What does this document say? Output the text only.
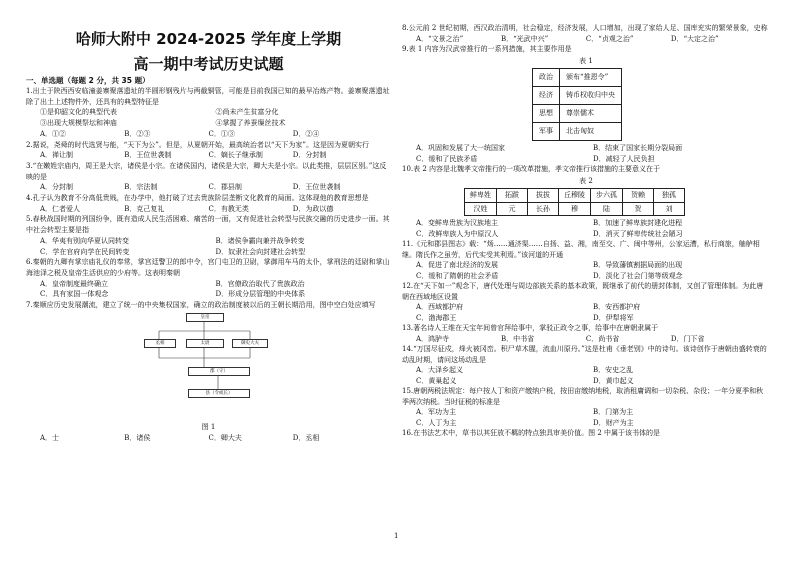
哈师大附中 2024-2025 学年度上学期
高一期中考试历史试题
一、单选题（每题 2 分，共 35 题）

1.出土于陕西西安临潼姜寨聚落遗址的半圆形钢残片与两截铜管，可能是目前我国已知的最早冶炼产物。姜寨聚落遗址除了出土上述物件外，还具有的典型特征是

①是仰韶文化的典型代表	②尚未产生贫富分化
③出现大规模祭坛和神庙	④掌握了养蚕缫丝技术
A．①②	B．②③	C．①③	D．②④

2.据说，尧舜的时代选贤与能，“天下为公”。但是，从夏朝开始，最高统治者以“天下为家”。这是因为夏朝实行

A．禅让制	B．王位世袭制	C．嫡长子继承制	D．分封制

3.“在嫩姓宗庙内，周王是大宗，诸侯是小宗。在诸侯国内，诸侯是大宗，卿大夫是小宗。以此类推，层层区别。”这反映的是

A．分封制	B．宗法制	C．郡县制	D．王位世袭制

4.孔子认为教育不分高低贵贱，在办学中，他打破了过去贵族阶层垄断文化教育的局面。这体现他的教育思想是

A．仁者爱人	B．克己复礼	C．有教无类	D．为政以德

5.春秋战国时期的列国纷争，既有造成人民生活困难、痛苦的一面，又有促进社会转型与民族交融的历史进步一面。其中社会转型主要是指

A．华夷有别向华夏认同转变	B．诸侯争霸向兼并战争转变
C．学在官府向学在民间转变	D．奴隶社会向封建社会转型

6.秦朝的九卿有掌宗庙礼仪的奉常，掌宫廷警卫的郎中令，宫门屯卫的卫尉，掌御用车马的太仆，掌刑法的廷尉和掌山海池泽之税及皇帝生活供应的少府等。这表明秦朝

A．皇帝制度最终确立	B．官僚政治取代了贵族政治
C．具有家国一体观念	D．形成分层管理的中央体系

7.秦顺应历史发展潮流，建立了统一的中央集权国家，确立的政治制度被以后的王朝长期沿用，图中空白处应填写

皇帝
丞相	太尉	御史大夫
郡（守）
县（令或长）
图 1
A．士	B．诸侯	C．卿大夫	D．丞相

8.公元前 2 世纪初期，西汉政治清明，社会稳定，经济发展，人口增加，出现了家给人足、国库充实的繁荣景象，史称

A．“文景之治”	B．“光武中兴”	C．“贞观之治”	D．“大定之治”

9.表 1 内容为汉武帝推行的一系列措施，其主要作用是

表 1
政治	颁布“推恩令”
经济	铸币权收归中央
思想	尊崇儒术
军事	北击匈奴
A．巩固和发展了大一统国家	B．结束了国家长期分裂局面
C．缓和了民族矛盾	D．减轻了人民负担

10.表 2 内容是北魏孝文帝推行的一项改革措施，孝文帝推行该措施的主要意义在于

表 2
鲜卑姓	拓跋	拔拔	丘穆陵	步六孤	贺赖	独孤
汉姓	元	长孙	穆	陆	贺	刘
A．变鲜卑贵族为汉族地主	B．加速了鲜卑族封建化进程
C．改鲜卑族人为中原汉人	D．消灭了鲜卑传统社会陋习

11.《元和郡县图志》载：“炀……通济渠……自扬、益、湘，南至交、广、闽中等州，公家运漕，私行商旅，舳舻相继。隋氏作之虽劳，后代实受其利焉。”该河道的开通

A．促进了南北经济的发展	B．导致藩镇割据局面的出现
C．缓和了隋朝的社会矛盾	D．淡化了社会门第等级观念

12.在“天下如一”观念下，唐代处理与周边部族关系的基本政策，既继承了前代的册封体制，又创了管理体制。为此唐朝在西域地区设置

A．西域都护府	B．安西都护府
C．渤海郡王	D．伊犁将军

13.著名诗人王维在天宝年间曾官拜给事中，掌驳正政令之事，给事中在唐朝隶属于

A．鸿胪寺	B．中书省	C．尚书省	D．门下省

14.“万国尽征戍，烽火被冈峦。积尸草木腥，流血川原丹。”这是杜甫《垂老别》中的诗句。该诗创作于唐朝由盛转衰的动乱时期，请问这场动乱是

A．大泽乡起义	B．安史之乱
C．黄巢起义	D．黄巾起义

15.唐朝两税法规定：每户按人丁和资产缴纳户税，按田亩缴纳地税，取消租庸调和一切杂税、杂役；一年分夏季和秋季两次纳税。当时征税的标准是

A．军功为主	B．门第为主
C．人丁为主	D．财产为主

16.在书法艺术中，草书以其狂放不羁的特点独具审美价值。图 2 中属于该书体的是

1
